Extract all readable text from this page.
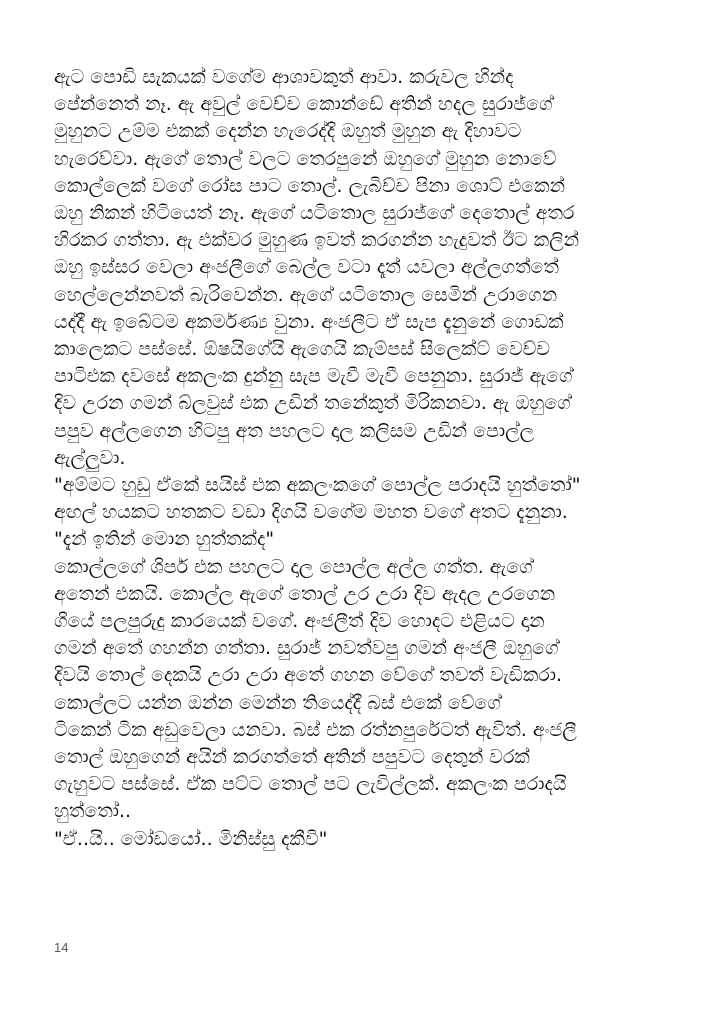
ඇට පොඩි සැකයක් වගේම ආශාවකුත් ආවා. කරුවල හින්ද
පේන්නෙත් නෑ. ඇ අවුල් වෙච්ච කොන්ඩේ අතින් හදල සුරාජ්ගේ
මුහුනට උම්ම එකක් දෙන්න හැරෙද්දි ඔහුත් මුහුන ඇ දිහාවට
හැරෙව්වා. ඇගේ තොල් වලට තෙරපුනේ ඔහුගේ මුහුන නොවේ
කොල්ලෙක් වගේ රෝස පාට තොල්. ලැබිච්ච පිනා ශොට් එකෙන්
ඔහු නිකන් හිටියෙත් නෑ. ඇගේ යටිතොල සුරාජ්ගේ දෙතොල් අතර
හිරකර ගත්තා. ඇ එක්වර මුහුණ ඉවත් කරගන්න හැදුවත් ඊට කලින්
ඔහු ඉස්සර වෙලා අංජලීගේ බෙල්ල වටා දෑත් යවලා අල්ලගත්තේ
හෙල්ලෙන්නවත් බැරිවෙන්න. ඇගේ යටිතොල සෙමින් උරාගෙන
යද්දී ඇ ඉබේටම අකර්මණ්‍ය වුනා. අංජලීට ඒ සැප දැනුනේ ගොඩක්
කාලෙකට පස්සේ. ඕෂයිගේයි ඇගෙයි කැම්පස් සිලෙක්ට් වෙච්ච
පාටිඑක දවසේ අකලංක දුන්නු සැප මැවී මැවී පෙනුනා. සුරාජ් ඇගේ
දිව උරන ගමන් බ්ලවුස් එක උඩින් තනේකුත් මිරිකනවා. ඇ ඔහුගේ
පපුව අල්ලගෙන හිටපු අත පහලට දාල කලිසම උඩින් පොල්ල
ඇල්ලුවා.
"අම්මට හුඩු ඒකේ සයිස් එක අකලංකගේ පොල්ල පරාදයි හුත්තෝ"
අඟල් හයකට හතකට වඩා දිගයි වගේම මහත වගේ අතට දැනුනා.
"දැන් ඉතින් මොන හුත්තක්ද"
කොල්ලගේ ශිපර් එක පහලට දාල පොල්ල අල්ල ගත්ත. ඇගේ
අතෙන් එකයි. කොල්ල ඇගේ තොල් උර උරා දිව ඇදල උරගෙන
ගියේ පලපුරුදු කාරයෙක් වගේ. අංජලීත් දිව හොදට එළියට දාන
ගමන් අතේ ගහන්න ගත්තා. සුරාජ් නවත්වපු ගමන් අංජලී ඔහුගේ
දිවයි තොල් දෙකයි උරා උරා අතේ ගහන වේගේ තවත් වැඩිකරා.
කොල්ලට යන්න ඔන්න මෙන්න තියෙද්දී බස් එකේ වේගේ
ටිකෙන් ටික අඩුවෙලා යනවා. බස් එක රත්නපුරේටත් ඇවිත්. අංජලී
තොල් ඔහුගෙන් අයින් කරගත්තේ අතින් පපුවට දෙතුන් වරක්
ගැහුවට පස්සේ. ඒක පට්ට තොල් පට ලැවිල්ලක්. අකලංක පරාදයි
හුත්තෝ..
"ඒ..යි.. මෝඩයෝ.. මිනිස්සු දකීවි"
14
